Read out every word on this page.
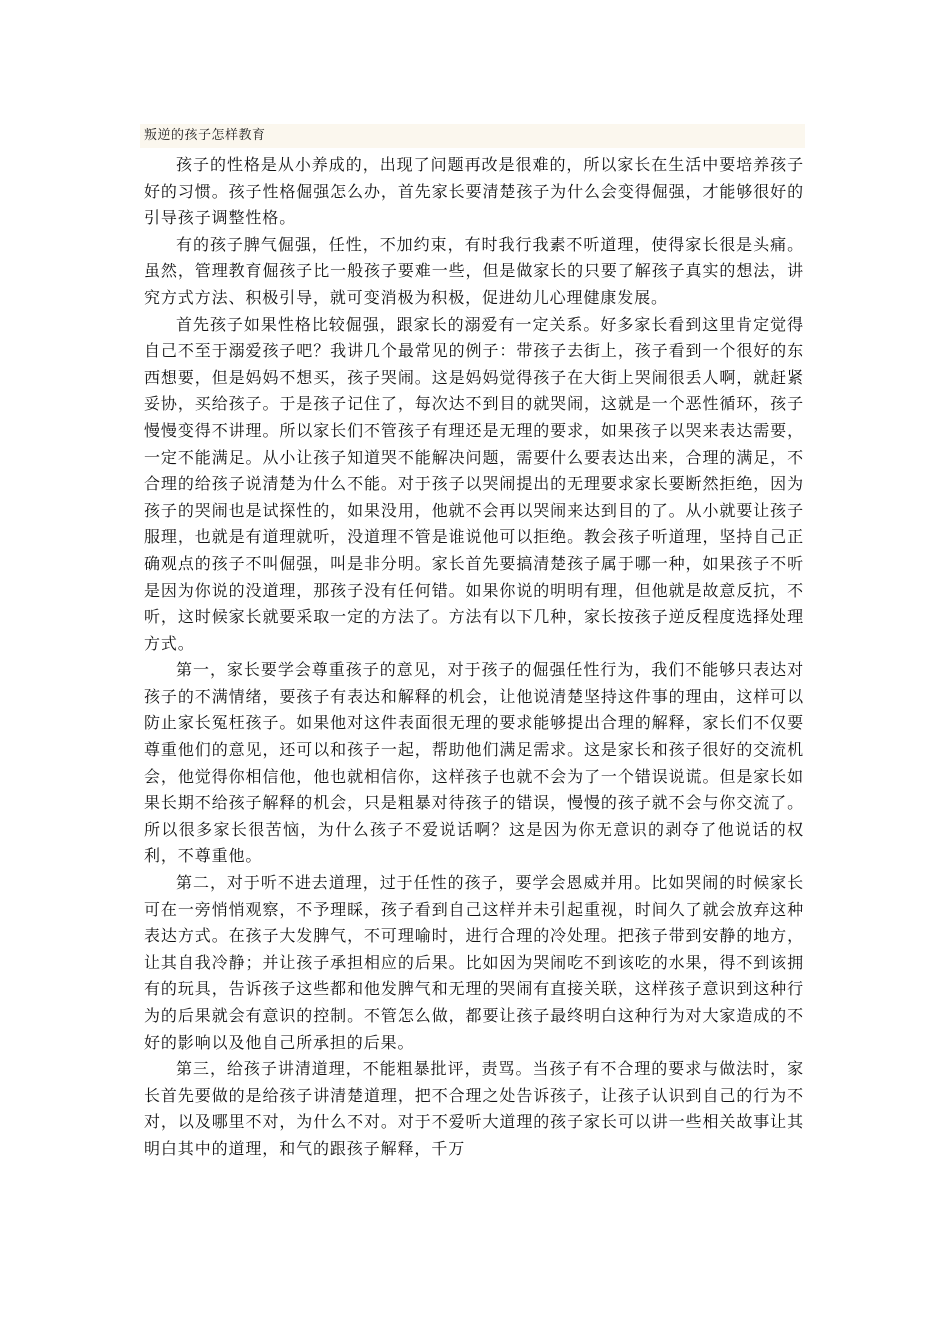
叛逆的孩子怎样教育

孩子的性格是从小养成的，出现了问题再改是很难的，所以家长在生活中要培养孩子好的习惯。孩子性格倔强怎么办，首先家长要清楚孩子为什么会变得倔强，才能够很好的引导孩子调整性格。

有的孩子脾气倔强，任性，不加约束，有时我行我素不听道理，使得家长很是头痛。虽然，管理教育倔孩子比一般孩子要难一些，但是做家长的只要了解孩子真实的想法，讲究方式方法、积极引导，就可变消极为积极，促进幼儿心理健康发展。

首先孩子如果性格比较倔强，跟家长的溺爱有一定关系。好多家长看到这里肯定觉得自己不至于溺爱孩子吧？我讲几个最常见的例子：带孩子去街上，孩子看到一个很好的东西想要，但是妈妈不想买，孩子哭闹。这是妈妈觉得孩子在大街上哭闹很丢人啊，就赶紧妥协，买给孩子。于是孩子记住了，每次达不到目的就哭闹，这就是一个恶性循环，孩子慢慢变得不讲理。所以家长们不管孩子有理还是无理的要求，如果孩子以哭来表达需要，一定不能满足。从小让孩子知道哭不能解决问题，需要什么要表达出来，合理的满足，不合理的给孩子说清楚为什么不能。对于孩子以哭闹提出的无理要求家长要断然拒绝，因为孩子的哭闹也是试探性的，如果没用，他就不会再以哭闹来达到目的了。从小就要让孩子服理，也就是有道理就听，没道理不管是谁说他可以拒绝。教会孩子听道理，坚持自己正确观点的孩子不叫倔强，叫是非分明。家长首先要搞清楚孩子属于哪一种，如果孩子不听是因为你说的没道理，那孩子没有任何错。如果你说的明明有理，但他就是故意反抗，不听，这时候家长就要采取一定的方法了。方法有以下几种，家长按孩子逆反程度选择处理方式。

第一，家长要学会尊重孩子的意见，对于孩子的倔强任性行为，我们不能够只表达对孩子的不满情绪，要孩子有表达和解释的机会，让他说清楚坚持这件事的理由，这样可以防止家长冤枉孩子。如果他对这件表面很无理的要求能够提出合理的解释，家长们不仅要尊重他们的意见，还可以和孩子一起，帮助他们满足需求。这是家长和孩子很好的交流机会，他觉得你相信他，他也就相信你，这样孩子也就不会为了一个错误说谎。但是家长如果长期不给孩子解释的机会，只是粗暴对待孩子的错误，慢慢的孩子就不会与你交流了。所以很多家长很苦恼，为什么孩子不爱说话啊？这是因为你无意识的剥夺了他说话的权利，不尊重他。

第二，对于听不进去道理，过于任性的孩子，要学会恩威并用。比如哭闹的时候家长可在一旁悄悄观察，不予理睬，孩子看到自己这样并未引起重视，时间久了就会放弃这种表达方式。在孩子大发脾气，不可理喻时，进行合理的冷处理。把孩子带到安静的地方，让其自我冷静；并让孩子承担相应的后果。比如因为哭闹吃不到该吃的水果，得不到该拥有的玩具，告诉孩子这些都和他发脾气和无理的哭闹有直接关联，这样孩子意识到这种行为的后果就会有意识的控制。不管怎么做，都要让孩子最终明白这种行为对大家造成的不好的影响以及他自己所承担的后果。

第三，给孩子讲清道理，不能粗暴批评，责骂。当孩子有不合理的要求与做法时，家长首先要做的是给孩子讲清楚道理，把不合理之处告诉孩子，让孩子认识到自己的行为不对，以及哪里不对，为什么不对。对于不爱听大道理的孩子家长可以讲一些相关故事让其明白其中的道理，和气的跟孩子解释，千万
